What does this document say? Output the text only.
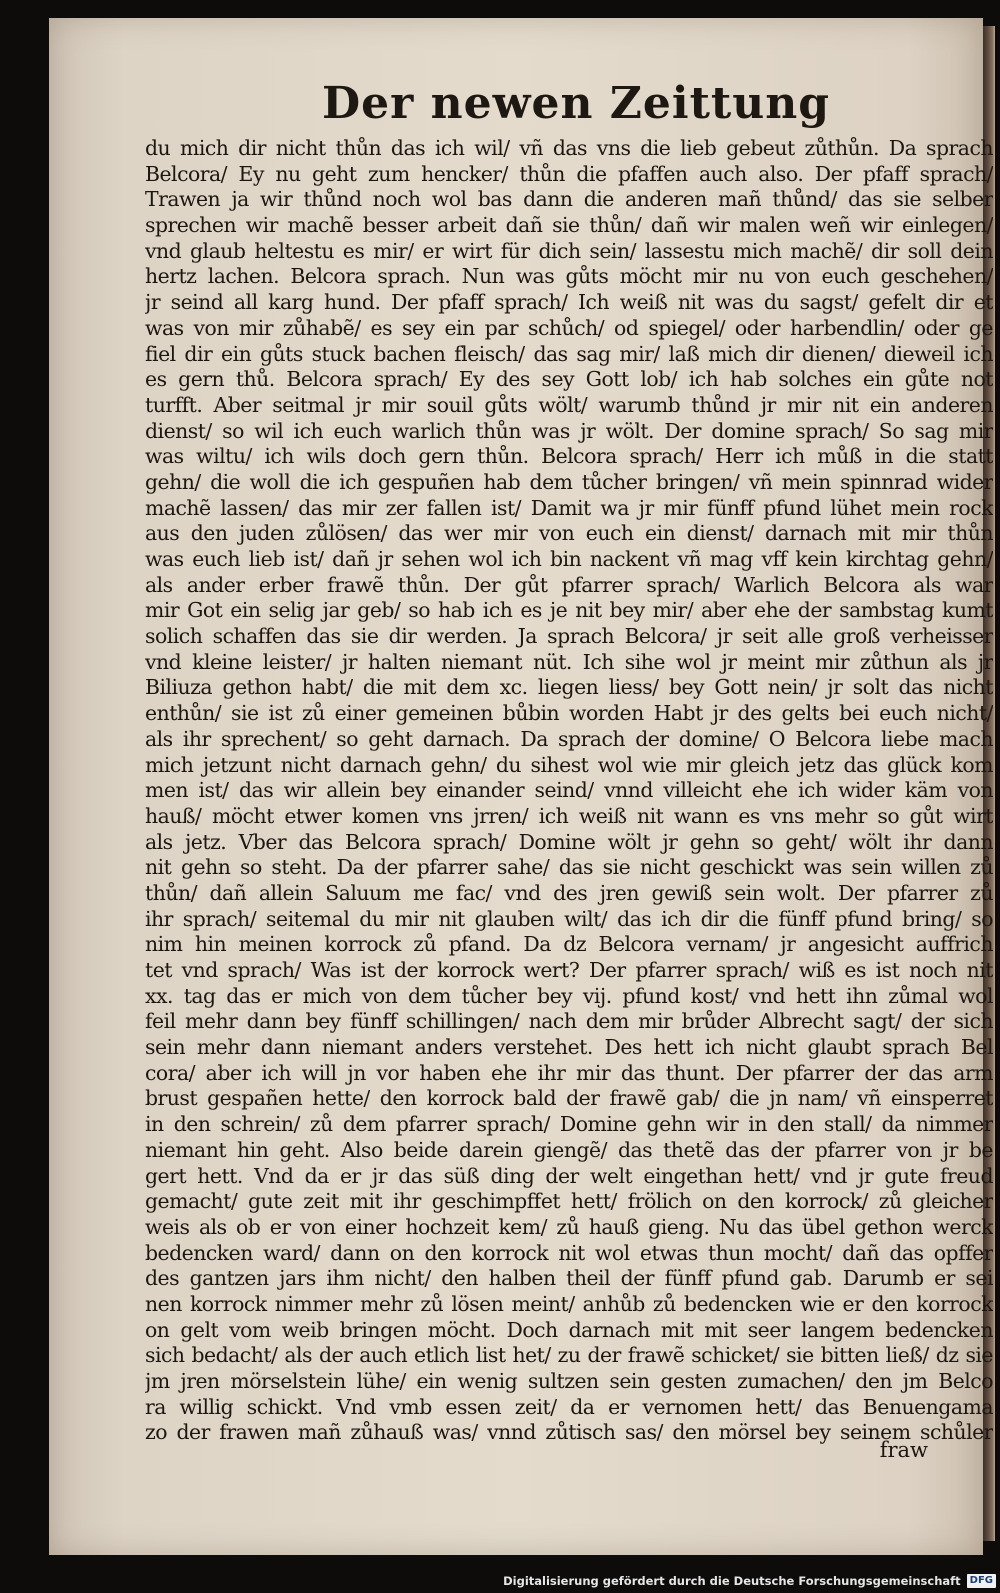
Der newen Zeittung
du mich dir nicht thůn das ich wil/ vñ das vns die lieb gebeut zůthůn. Da sprach
Belcora/ Ey nu geht zum hencker/ thůn die pfaffen auch also. Der pfaff sprach/
Trawen ja wir thůnd noch wol bas dann die anderen mañ thůnd/ das sie selber
sprechen wir machẽ besser arbeit dañ sie thůn/ dañ wir malen weñ wir einlegen/
vnd glaub heltestu es mir/ er wirt für dich sein/ lassestu mich machẽ/ dir soll dein
hertz lachen. Belcora sprach. Nun was gůts möcht mir nu von euch geschehen/
jr seind all karg hund. Der pfaff sprach/ Ich weiß nit was du sagst/ gefelt dir et
was von mir zůhabẽ/ es sey ein par schůch/ od spiegel/ oder harbendlin/ oder ge
fiel dir ein gůts stuck bachen fleisch/ das sag mir/ laß mich dir dienen/ dieweil ich
es gern thů. Belcora sprach/ Ey des sey Gott lob/ ich hab solches ein gůte not
turfft. Aber seitmal jr mir souil gůts wölt/ warumb thůnd jr mir nit ein anderen
dienst/ so wil ich euch warlich thůn was jr wölt. Der domine sprach/ So sag mir
was wiltu/ ich wils doch gern thůn. Belcora sprach/ Herr ich můß in die statt
gehn/ die woll die ich gespuñen hab dem tůcher bringen/ vñ mein spinnrad wider
machẽ lassen/ das mir zer fallen ist/ Damit wa jr mir fünff pfund lühet mein rock
aus den juden zůlösen/ das wer mir von euch ein dienst/ darnach mit mir thůn
was euch lieb ist/ dañ jr sehen wol ich bin nackent vñ mag vff kein kirchtag gehn/
als ander erber frawẽ thůn. Der gůt pfarrer sprach/ Warlich Belcora als war
mir Got ein selig jar geb/ so hab ich es je nit bey mir/ aber ehe der sambstag kumt
solich schaffen das sie dir werden. Ja sprach Belcora/ jr seit alle groß verheisser
vnd kleine leister/ jr halten niemant nüt. Ich sihe wol jr meint mir zůthun als jr
Biliuza gethon habt/ die mit dem xc. liegen liess/ bey Gott nein/ jr solt das nicht
enthůn/ sie ist zů einer gemeinen bůbin worden Habt jr des gelts bei euch nicht/
als ihr sprechent/ so geht darnach. Da sprach der domine/ O Belcora liebe mach
mich jetzunt nicht darnach gehn/ du sihest wol wie mir gleich jetz das glück kom
men ist/ das wir allein bey einander seind/ vnnd villeicht ehe ich wider käm von
hauß/ möcht etwer komen vns jrren/ ich weiß nit wann es vns mehr so gůt wirt
als jetz. Vber das Belcora sprach/ Domine wölt jr gehn so geht/ wölt ihr dann
nit gehn so steht. Da der pfarrer sahe/ das sie nicht geschickt was sein willen zů
thůn/ dañ allein Saluum me fac/ vnd des jren gewiß sein wolt. Der pfarrer zů
ihr sprach/ seitemal du mir nit glauben wilt/ das ich dir die fünff pfund bring/ so
nim hin meinen korrock zů pfand. Da dz Belcora vernam/ jr angesicht auffrich
tet vnd sprach/ Was ist der korrock wert? Der pfarrer sprach/ wiß es ist noch nit
xx. tag das er mich von dem tůcher bey vij. pfund kost/ vnd hett ihn zůmal wol
feil mehr dann bey fünff schillingen/ nach dem mir brůder Albrecht sagt/ der sich
sein mehr dann niemant anders verstehet. Des hett ich nicht glaubt sprach Bel
cora/ aber ich will jn vor haben ehe ihr mir das thunt. Der pfarrer der das arm
brust gespañen hette/ den korrock bald der frawẽ gab/ die jn nam/ vñ einsperret
in den schrein/ zů dem pfarrer sprach/ Domine gehn wir in den stall/ da nimmer
niemant hin geht. Also beide darein giengẽ/ das thetẽ das der pfarrer von jr be
gert hett. Vnd da er jr das süß ding der welt eingethan hett/ vnd jr gute freud
gemacht/ gute zeit mit ihr geschimpffet hett/ frölich on den korrock/ zů gleicher
weis als ob er von einer hochzeit kem/ zů hauß gieng. Nu das übel gethon werck
bedencken ward/ dann on den korrock nit wol etwas thun mocht/ dañ das opffer
des gantzen jars ihm nicht/ den halben theil der fünff pfund gab. Darumb er sei
nen korrock nimmer mehr zů lösen meint/ anhůb zů bedencken wie er den korrock
on gelt vom weib bringen möcht. Doch darnach mit mit seer langem bedencken
sich bedacht/ als der auch etlich list het/ zu der frawẽ schicket/ sie bitten ließ/ dz sie
jm jren mörselstein lühe/ ein wenig sultzen sein gesten zumachen/ den jm Belco
ra willig schickt. Vnd vmb essen zeit/ da er vernomen hett/ das Benuengama
zo der frawen mañ zůhauß was/ vnnd zůtisch sas/ den mörsel bey seinem schůler
fraw
Digitalisierung gefördert durch die Deutsche Forschungsgemeinschaft DFG
